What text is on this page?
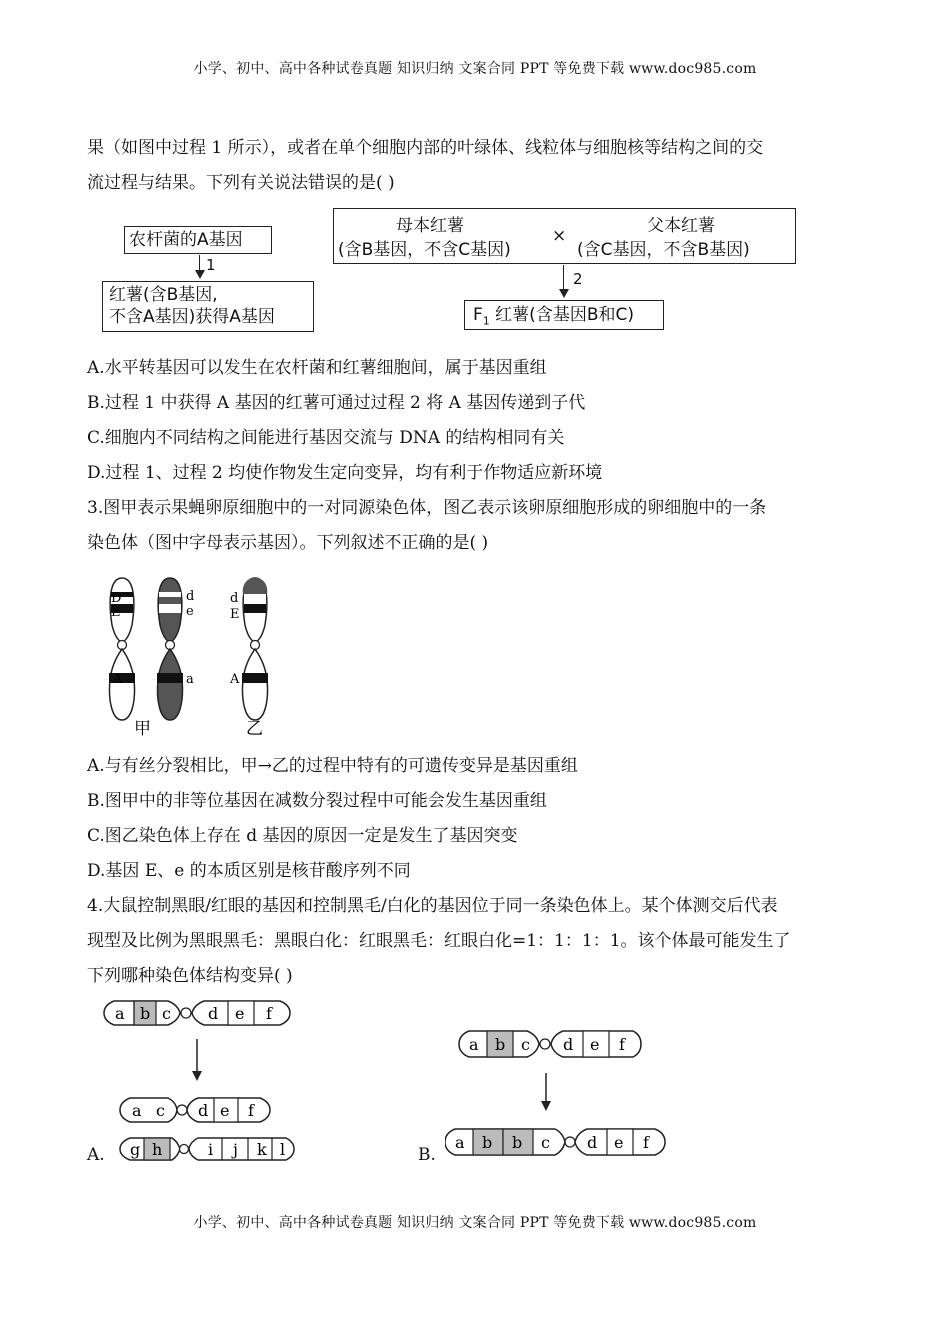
小学、初中、高中各种试卷真题 知识归纳 文案合同 PPT 等免费下载 www.doc985.com
果（如图中过程 1 所示），或者在单个细胞内部的叶绿体、线粒体与细胞核等结构之间的交
流过程与结果。下列有关说法错误的是( )
农杆菌的A基因
1
红薯(含B基因,
不含A基因)获得A基因
母本红薯
(含B基因，不含C基因)
×	父本红薯
(含C基因，不含B基因)
2
$F_1$ 红薯(含基因B和C)
A.水平转基因可以发生在农杆菌和红薯细胞间，属于基因重组
B.过程 1 中获得 A 基因的红薯可通过过程 2 将 A 基因传递到子代
C.细胞内不同结构之间能进行基因交流与 DNA 的结构相同有关
D.过程 1、过程 2 均使作物发生定向变异，均有利于作物适应新环境
3.图甲表示果蝇卵原细胞中的一对同源染色体，图乙表示该卵原细胞形成的卵细胞中的一条
染色体（图中字母表示基因）。下列叙述不正确的是( )
D
E
A
d
e
a
d
E
A
甲	乙
A.与有丝分裂相比，甲→乙的过程中特有的可遗传变异是基因重组
B.图甲中的非等位基因在减数分裂过程中可能会发生基因重组
C.图乙染色体上存在 d 基因的原因一定是发生了基因突变
D.基因 E、e 的本质区别是核苷酸序列不同
4.大鼠控制黑眼/红眼的基因和控制黑毛/白化的基因位于同一条染色体上。某个体测交后代表
现型及比例为黑眼黑毛：黑眼白化：红眼黑毛：红眼白化=1：1：1：1。该个体最可能发生了
下列哪种染色体结构变异( )
a b c d e f
a c d e f
g h	i j k l
A.
a b c d e f
a b b c d e f
B.
小学、初中、高中各种试卷真题 知识归纳 文案合同 PPT 等免费下载 www.doc985.com
